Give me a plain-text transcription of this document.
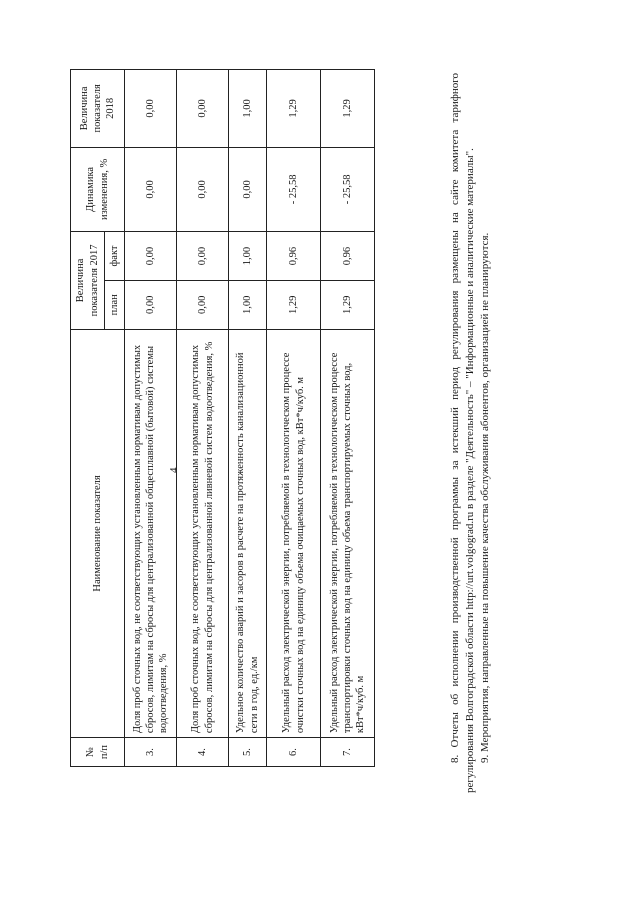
4
№ п/п	Наименование показателя	Величина показателя 2017		Динамика изменения, %	Величина показателя 2018
		план	факт		
3.	Доля проб сточных вод, не соответствующих установленным нормативам допустимых сбросов, лимитам на сбросы для централизованной общесплавной (бытовой) системы водоотведения, %	0,00	0,00	0,00	0,00
4.	Доля проб сточных вод, не соответствующих установленным нормативам допустимых сбросов, лимитам на сбросы для централизованной ливневой систем водоотведения, %	0,00	0,00	0,00	0,00
5.	Удельное количество аварий и засоров в расчете на протяженность канализационной сети в год, ед./км	1,00	1,00	0,00	1,00
6.	Удельный расход электрической энергии, потребляемой в технологическом процессе очистки сточных вод на единицу объема очищаемых сточных вод, кВт*ч/куб. м	1,29	0,96	- 25,58	1,29
7.	Удельный расход электрической энергии, потребляемой в технологическом процессе транспортировки сточных вод на единицу объема транспортируемых сточных вод, кВт*ч/куб. м	1,29	0,96	- 25,58	1,29	8. Отчеты об исполнении производственной программы за истекший период регулирования размещены на сайте комитета тарифного регулирования Волгоградской области http://urt.volgograd.ru в разделе "Деятельность" – "Информационные и аналитические материалы". 9. Мероприятия, направленные на повышение качества обслуживания абонентов, организацией не планируются.
